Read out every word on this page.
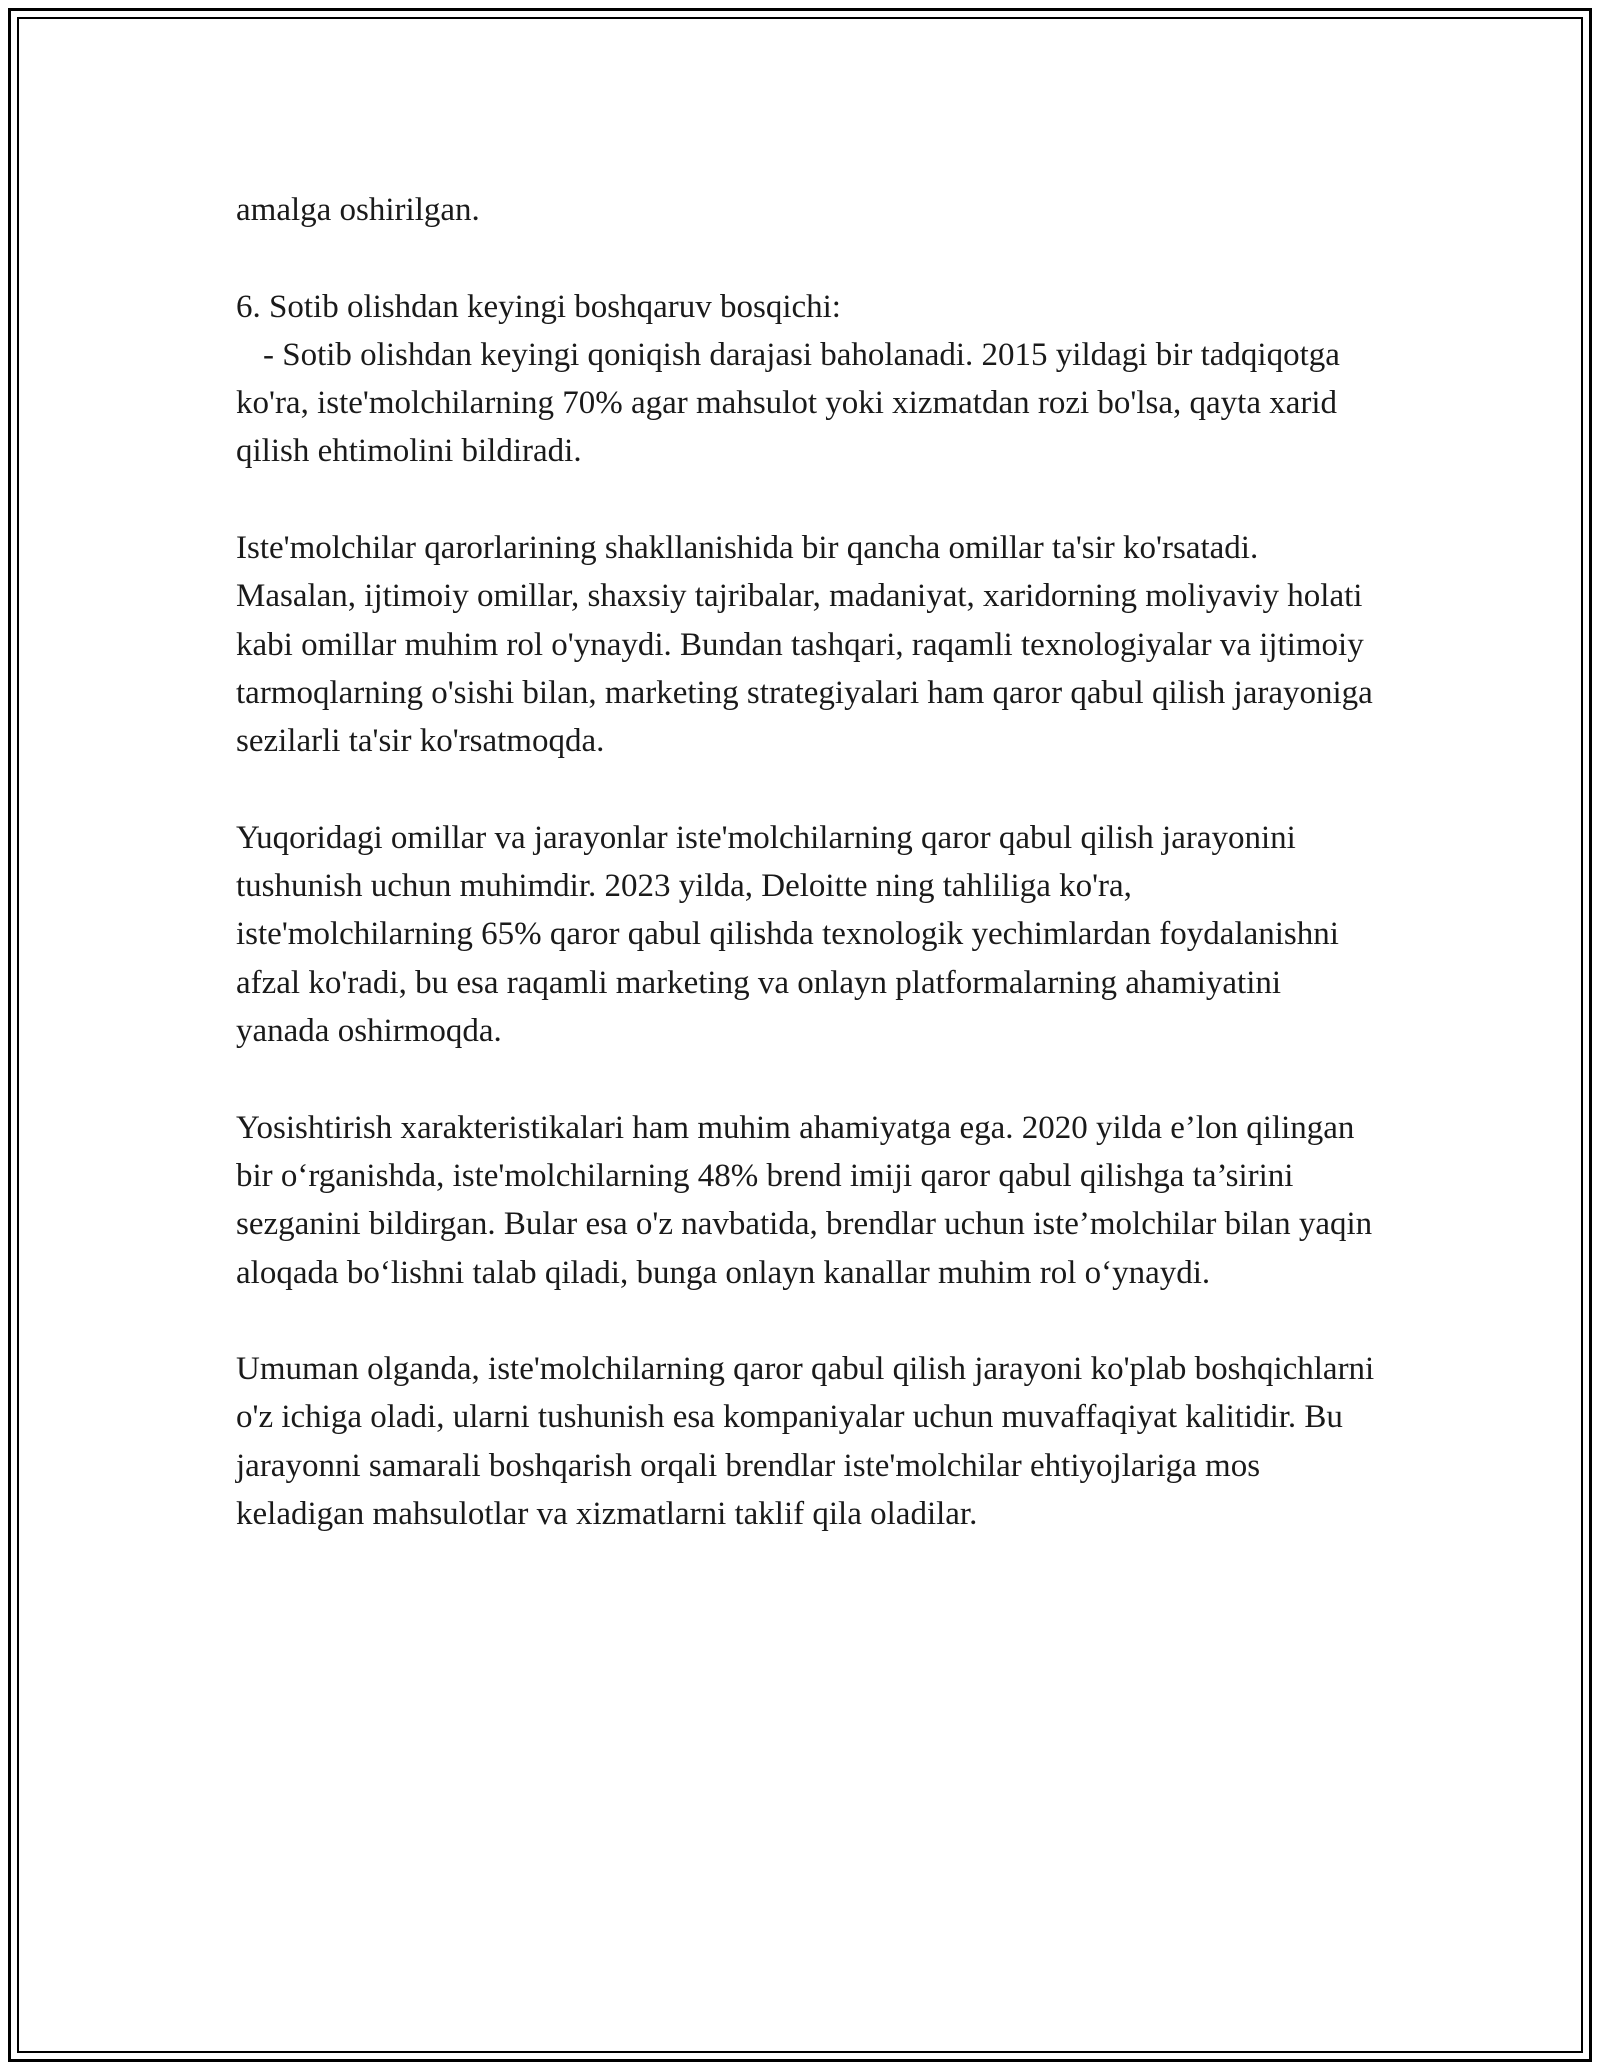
amalga oshirilgan.

6. Sotib olishdan keyingi boshqaruv bosqichi:
- Sotib olishdan keyingi qoniqish darajasi baholanadi. 2015 yildagi bir tadqiqotga ko'ra, iste'molchilarning 70% agar mahsulot yoki xizmatdan rozi bo'lsa, qayta xarid qilish ehtimolini bildiradi.

Iste'molchilar qarorlarining shakllanishida bir qancha omillar ta'sir ko'rsatadi. Masalan, ijtimoiy omillar, shaxsiy tajribalar, madaniyat, xaridorning moliyaviy holati kabi omillar muhim rol o'ynaydi. Bundan tashqari, raqamli texnologiyalar va ijtimoiy tarmoqlarning o'sishi bilan, marketing strategiyalari ham qaror qabul qilish jarayoniga sezilarli ta'sir ko'rsatmoqda.

Yuqoridagi omillar va jarayonlar iste'molchilarning qaror qabul qilish jarayonini tushunish uchun muhimdir. 2023 yilda, Deloitte ning tahliliga ko'ra, iste'molchilarning 65% qaror qabul qilishda texnologik yechimlardan foydalanishni afzal ko'radi, bu esa raqamli marketing va onlayn platformalarning ahamiyatini yanada oshirmoqda.

Yosishtirish xarakteristikalari ham muhim ahamiyatga ega. 2020 yilda e’lon qilingan bir o‘rganishda, iste'molchilarning 48% brend imiji qaror qabul qilishga ta’sirini sezganini bildirgan. Bular esa o'z navbatida, brendlar uchun iste’molchilar bilan yaqin aloqada bo‘lishni talab qiladi, bunga onlayn kanallar muhim rol o‘ynaydi.

Umuman olganda, iste'molchilarning qaror qabul qilish jarayoni ko'plab boshqichlarni o'z ichiga oladi, ularni tushunish esa kompaniyalar uchun muvaffaqiyat kalitidir. Bu jarayonni samarali boshqarish orqali brendlar iste'molchilar ehtiyojlariga mos keladigan mahsulotlar va xizmatlarni taklif qila oladilar.
